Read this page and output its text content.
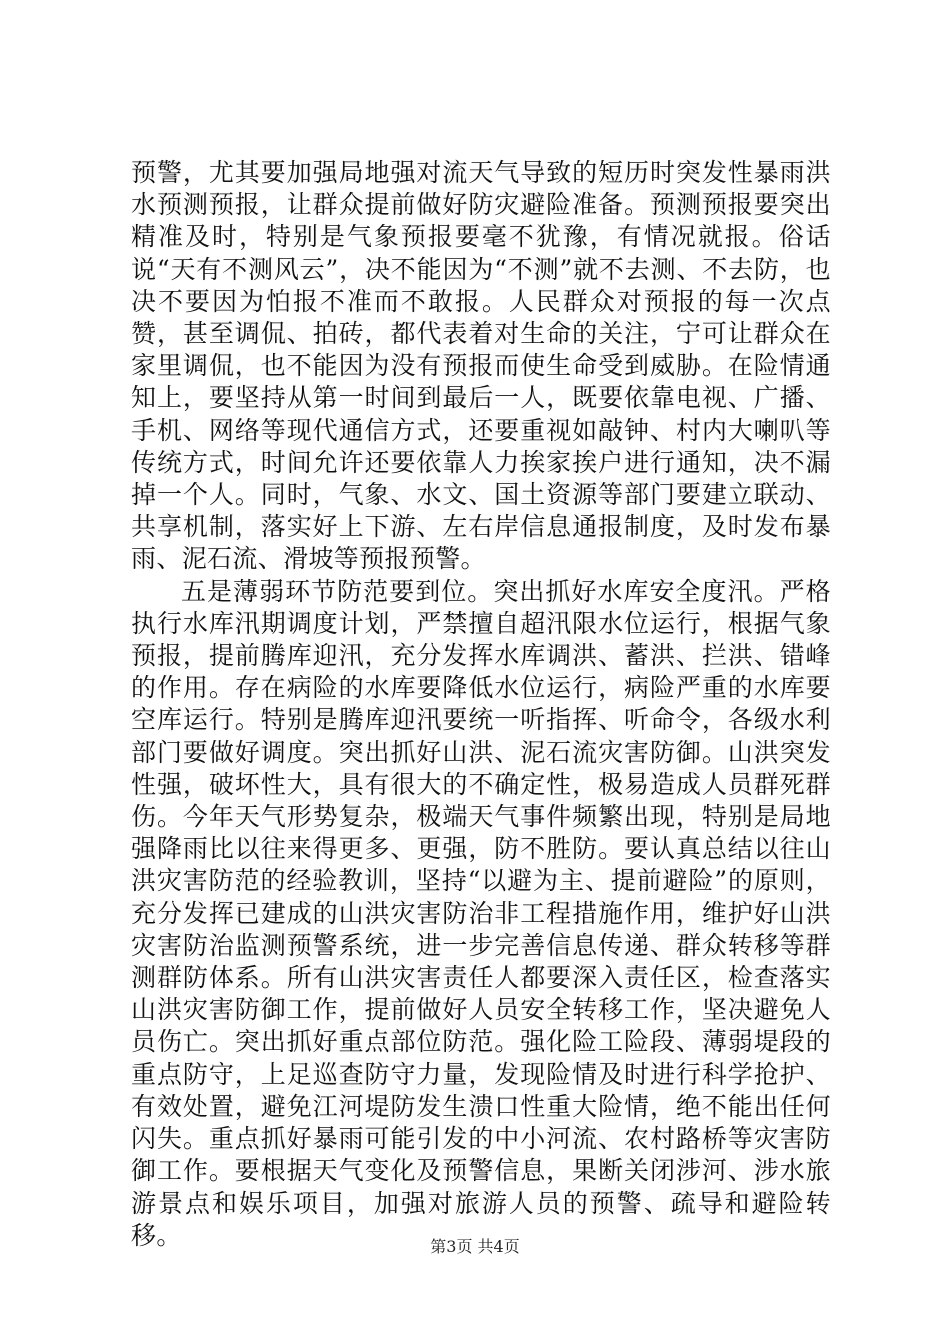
预警，尤其要加强局地强对流天气导致的短历时突发性暴雨洪水预测预报，让群众提前做好防灾避险准备。预测预报要突出精准及时，特别是气象预报要毫不犹豫，有情况就报。俗话说“天有不测风云”，决不能因为“不测”就不去测、不去防，也决不要因为怕报不准而不敢报。人民群众对预报的每一次点赞，甚至调侃、拍砖，都代表着对生命的关注，宁可让群众在家里调侃，也不能因为没有预报而使生命受到威胁。在险情通知上，要坚持从第一时间到最后一人，既要依靠电视、广播、手机、网络等现代通信方式，还要重视如敲钟、村内大喇叭等传统方式，时间允许还要依靠人力挨家挨户进行通知，决不漏掉一个人。同时，气象、水文、国土资源等部门要建立联动、共享机制，落实好上下游、左右岸信息通报制度，及时发布暴雨、泥石流、滑坡等预报预警。

五是薄弱环节防范要到位。突出抓好水库安全度汛。严格执行水库汛期调度计划，严禁擅自超汛限水位运行，根据气象预报，提前腾库迎汛，充分发挥水库调洪、蓄洪、拦洪、错峰的作用。存在病险的水库要降低水位运行，病险严重的水库要空库运行。特别是腾库迎汛要统一听指挥、听命令，各级水利部门要做好调度。突出抓好山洪、泥石流灾害防御。山洪突发性强，破坏性大，具有很大的不确定性，极易造成人员群死群伤。今年天气形势复杂，极端天气事件频繁出现，特别是局地强降雨比以往来得更多、更强，防不胜防。要认真总结以往山洪灾害防范的经验教训，坚持“以避为主、提前避险”的原则，充分发挥已建成的山洪灾害防治非工程措施作用，维护好山洪灾害防治监测预警系统，进一步完善信息传递、群众转移等群测群防体系。所有山洪灾害责任人都要深入责任区，检查落实山洪灾害防御工作，提前做好人员安全转移工作，坚决避免人员伤亡。突出抓好重点部位防范。强化险工险段、薄弱堤段的重点防守，上足巡查防守力量，发现险情及时进行科学抢护、有效处置，避免江河堤防发生溃口性重大险情，绝不能出任何闪失。重点抓好暴雨可能引发的中小河流、农村路桥等灾害防御工作。要根据天气变化及预警信息，果断关闭涉河、涉水旅游景点和娱乐项目，加强对旅游人员的预警、疏导和避险转移。	第3页 共4页
